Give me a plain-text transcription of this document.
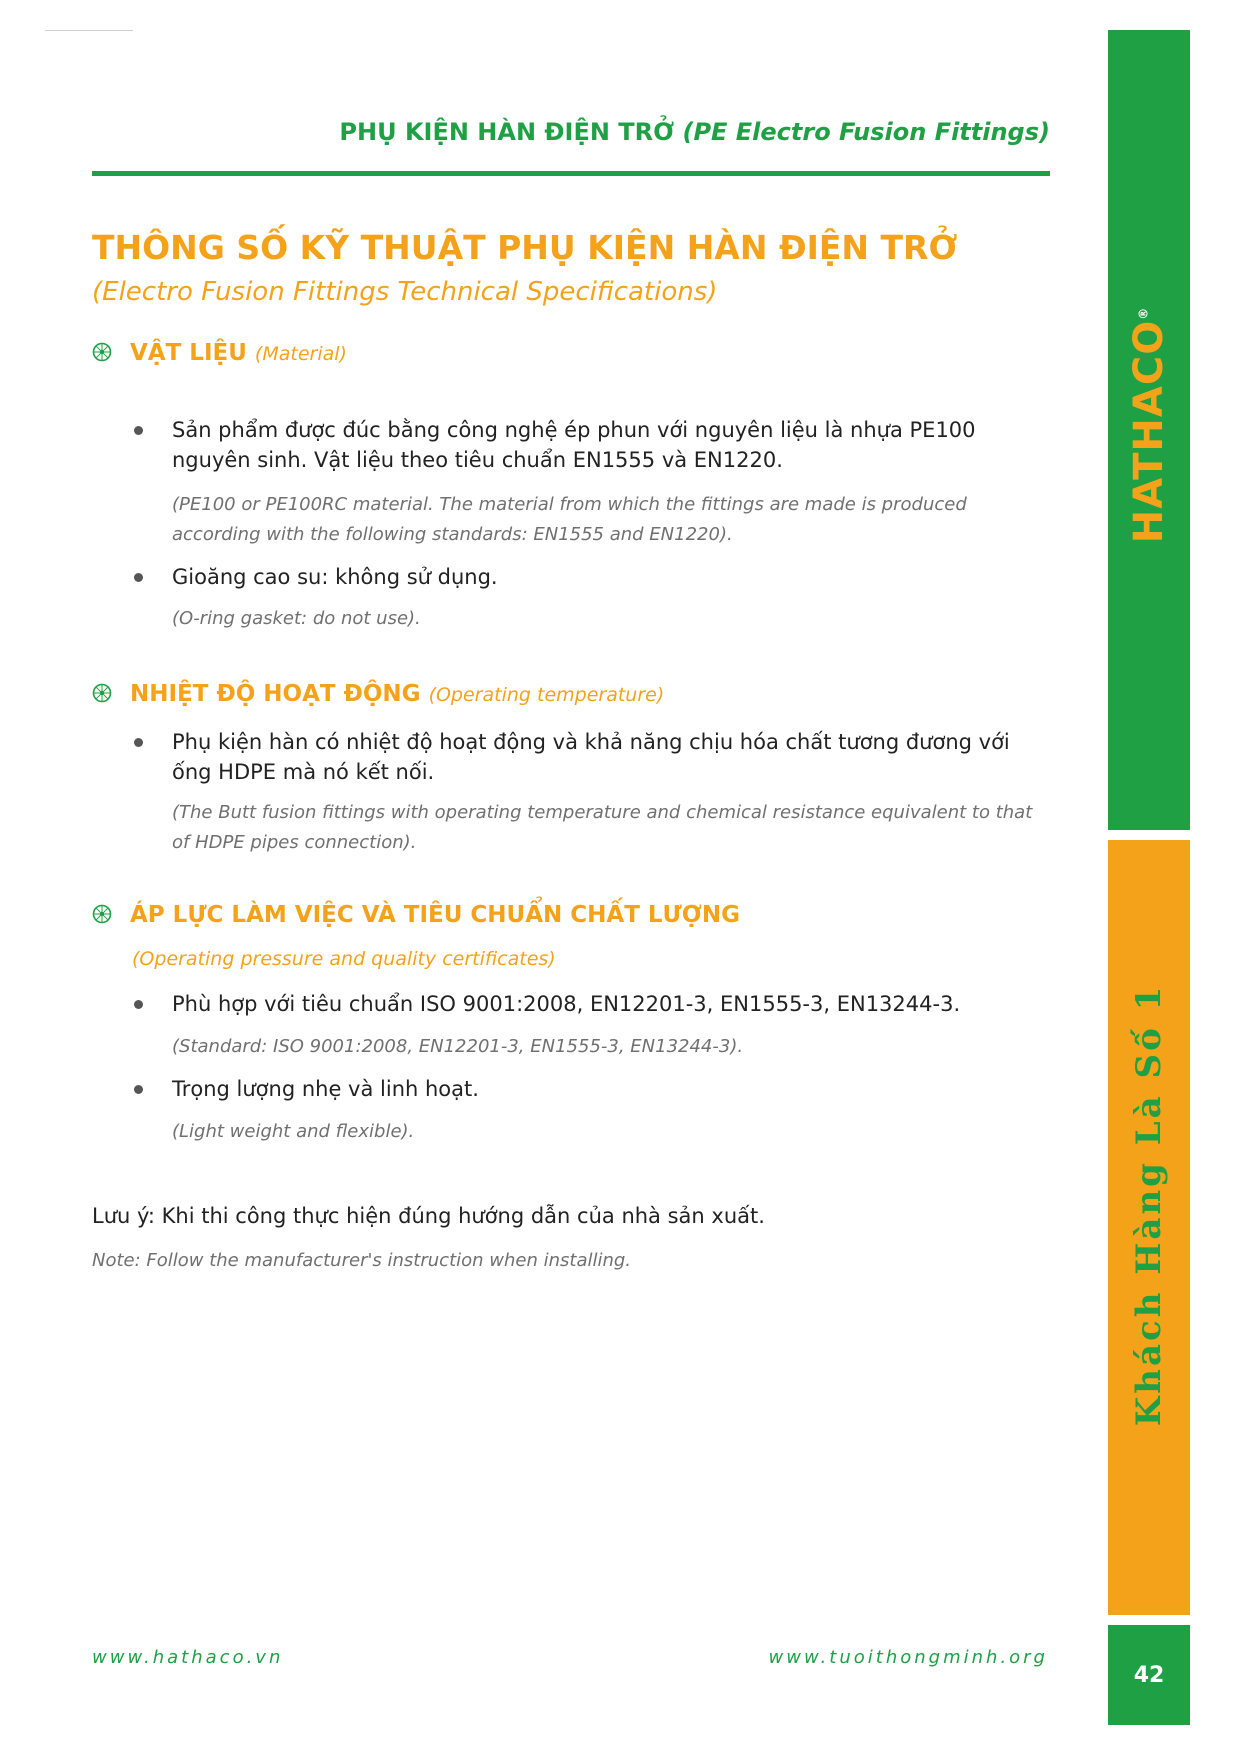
PHỤ KIỆN HÀN ĐIỆN TRỞ (PE Electro Fusion Fittings)
THÔNG SỐ KỸ THUẬT PHỤ KIỆN HÀN ĐIỆN TRỞ
(Electro Fusion Fittings Technical Specifications)
VẬT LIỆU (Material)
Sản phẩm được đúc bằng công nghệ ép phun với nguyên liệu là nhựa PE100 nguyên sinh. Vật liệu theo tiêu chuẩn EN1555 và EN1220.
(PE100 or PE100RC material. The material from which the fittings are made is produced according with the following standards: EN1555 and EN1220).
Gioăng cao su: không sử dụng.
(O-ring gasket: do not use).
NHIỆT ĐỘ HOẠT ĐỘNG (Operating temperature)
Phụ kiện hàn có nhiệt độ hoạt động và khả năng chịu hóa chất tương đương với ống HDPE mà nó kết nối.
(The Butt fusion fittings with operating temperature and chemical resistance equivalent to that of HDPE pipes connection).
ÁP LỰC LÀM VIỆC VÀ TIÊU CHUẨN CHẤT LƯỢNG
(Operating pressure and quality certificates)
Phù hợp với tiêu chuẩn ISO 9001:2008, EN12201-3, EN1555-3, EN13244-3.
(Standard: ISO 9001:2008, EN12201-3, EN1555-3, EN13244-3).
Trọng lượng nhẹ và linh hoạt.
(Light weight and flexible).
Lưu ý: Khi thi công thực hiện đúng hướng dẫn của nhà sản xuất.
Note: Follow the manufacturer's instruction when installing.
www.hathaco.vn	www.tuoithongminh.org
HATHACO®
Khách Hàng Là Số 1
42
